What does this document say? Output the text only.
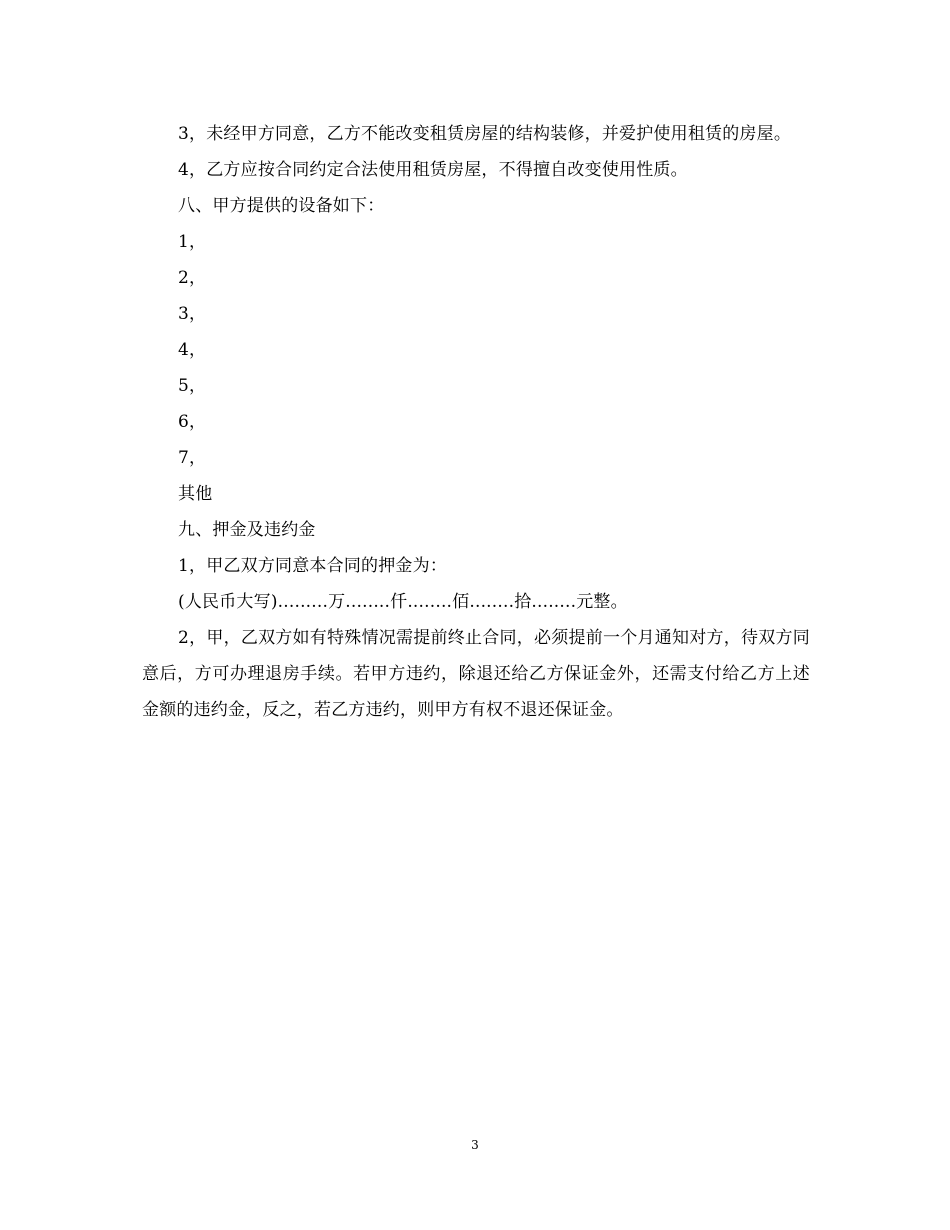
3，未经甲方同意，乙方不能改变租赁房屋的结构装修，并爱护使用租赁的房屋。

4，乙方应按合同约定合法使用租赁房屋，不得擅自改变使用性质。

八、甲方提供的设备如下：

1，

2，

3，

4，

5，

6，

7，

其他

九、押金及违约金

1，甲乙双方同意本合同的押金为：

(人民币大写).........万........仟........佰........拾........元整。

2，甲，乙双方如有特殊情况需提前终止合同，必须提前一个月通知对方，待双方同意后，方可办理退房手续。若甲方违约，除退还给乙方保证金外，还需支付给乙方上述金额的违约金，反之，若乙方违约，则甲方有权不退还保证金。

3
